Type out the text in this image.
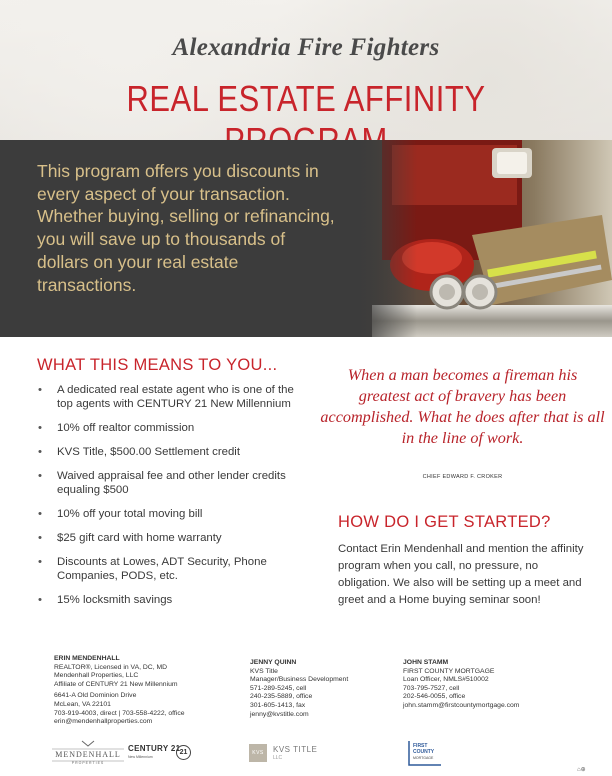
Alexandria Fire Fighters
REAL ESTATE AFFINITY
This program offers you discounts in every aspect of your transaction. Whether buying, selling or refinancing, you will save up to thousands of dollars on your real estate transactions.
WHAT THIS MEANS TO YOU...
• A dedicated real estate agent who is one of the top agents with CENTURY 21 New Millennium
• 10% off realtor commission
• KVS Title, $500.00 Settlement credit
• Waived appraisal fee and other lender credits equaling $500
• 10% off your total moving bill
• $25 gift card with home warranty
• Discounts at Lowes, ADT Security, Phone Companies, PODS, etc.
• 15% locksmith savings
When a man becomes a fireman his greatest act of bravery has been accomplished. What he does after that is all in the line of work.
CHIEF EDWARD F. CROKER
HOW DO I GET STARTED?
Contact Erin Mendenhall and mention the affinity program when you call, no pressure, no obligation. We also will be setting up a meet and greet and a Home buying seminar soon!
ERIN MENDENHALL
REALTOR®, Licensed in VA, DC, MD
Mendenhall Properties, LLC
Affiliate of CENTURY 21 New Millennium
6641-A Old Dominion Drive
McLean, VA 22101
703-919-4003, direct | 703-558-4222, office
erin@mendenhallproperties.com
JENNY QUINN
KVS Title
Manager/Business Development
571-289-5245, cell
240-235-5889, office
301-605-1413, fax
jenny@kvstitle.com
JOHN STAMM
FIRST COUNTY MORTGAGE
Loan Officer, NMLS#510002
703-795-7527, cell
202-546-0055, office
john.stamm@firstcountymortgage.com
MENDENHALL
PROPERTIES
CENTURY 21
New Millennium
21	KVS	KVS TITLE
LLC
FIRST
COUNTY
MORTGAGE
⌂⊕
